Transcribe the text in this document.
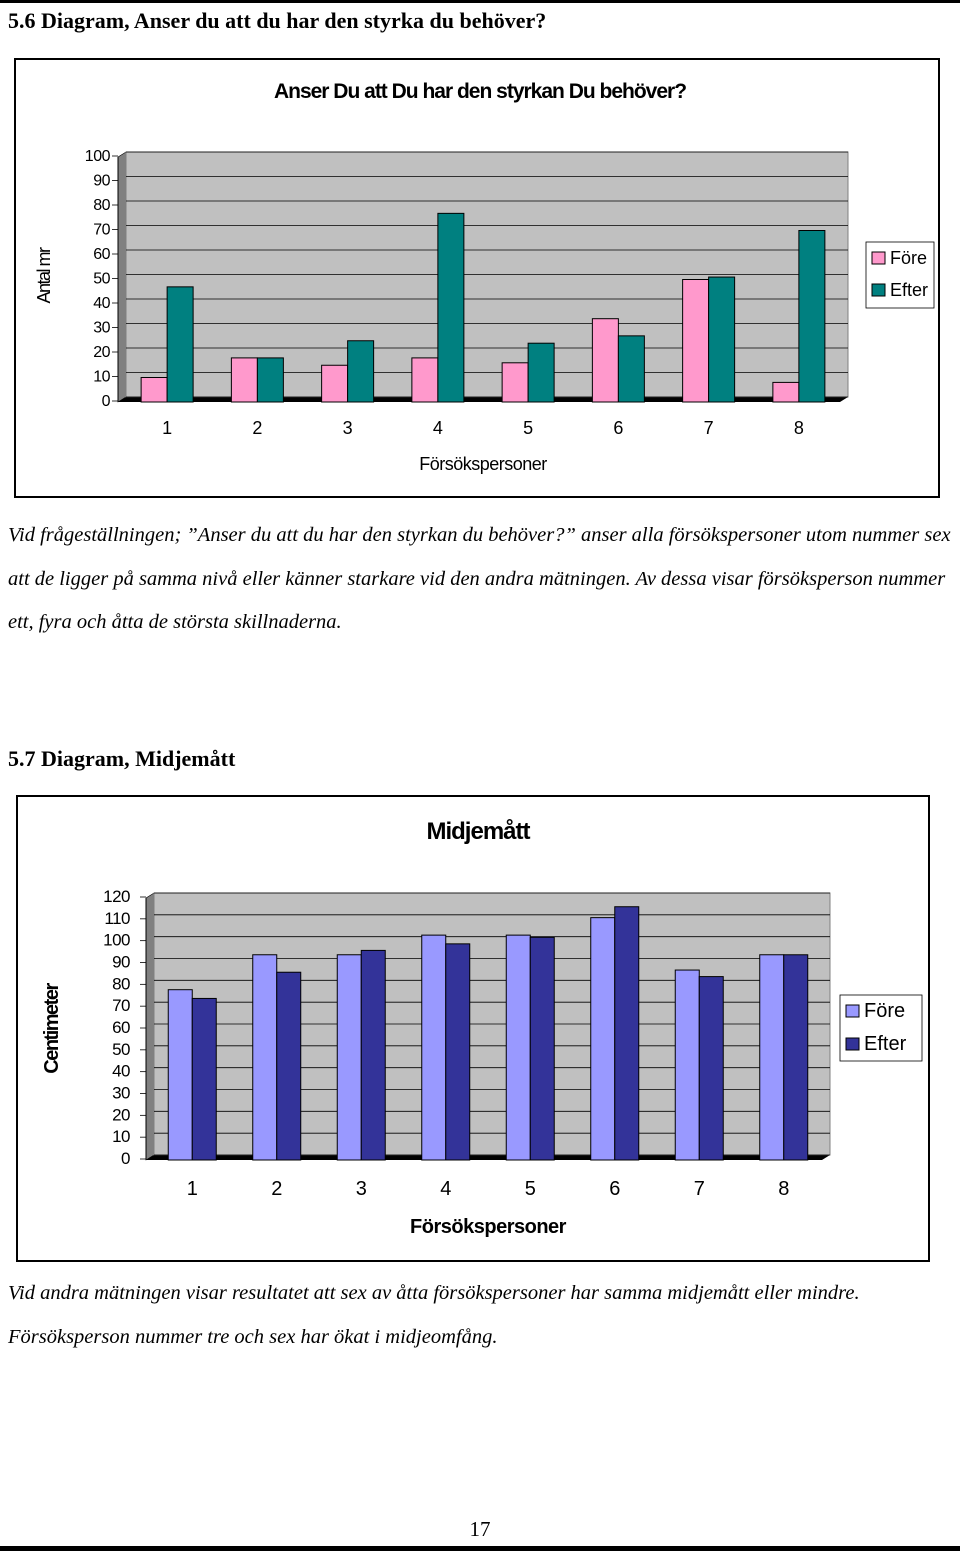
5.6 Diagram, Anser du att du har den styrka du behöver?
Anser Du att Du har den styrkan Du behöver?
0
10
20
30
40
50
60
70
80
90
100
1	2	3	4	5	6	7	8
Försökspersoner
Antal mr	Före
Efter

Vid frågeställningen; ”Anser du att du har den styrkan du behöver?” anser alla försökspersoner utom nummer sex att de ligger på samma nivå eller känner starkare vid den andra mätningen. Av dessa visar försöksperson nummer ett, fyra och åtta de största skillnaderna.

5.7 Diagram, Midjemått
Midjemått
0
10
20
30
40
50
60
70
80
90
100
110
120
1	2	3	4	5	6	7	8
Försökspersoner
Centimeter	Före
Efter

Vid andra mätningen visar resultatet att sex av åtta försökspersoner har samma midjemått eller mindre. Försöksperson nummer tre och sex har ökat i midjeomfång.

17
